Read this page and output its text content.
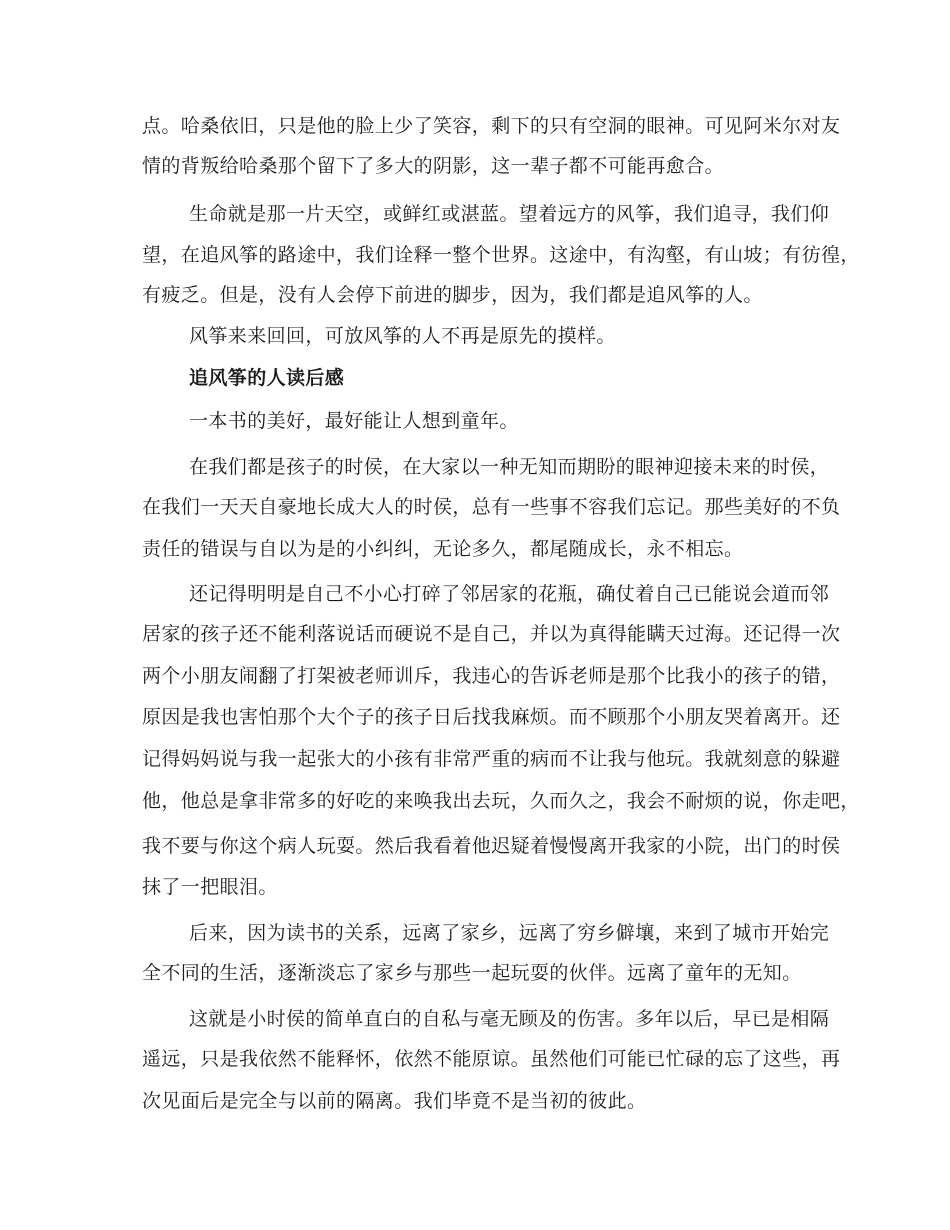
点。哈桑依旧，只是他的脸上少了笑容，剩下的只有空洞的眼神。可见阿米尔对友
情的背叛给哈桑那个留下了多大的阴影，这一辈子都不可能再愈合。
生命就是那一片天空，或鲜红或湛蓝。望着远方的风筝，我们追寻，我们仰
望，在追风筝的路途中，我们诠释一整个世界。这途中，有沟壑，有山坡；有彷徨，
有疲乏。但是，没有人会停下前进的脚步，因为，我们都是追风筝的人。
风筝来来回回，可放风筝的人不再是原先的摸样。
追风筝的人读后感
一本书的美好，最好能让人想到童年。
在我们都是孩子的时侯，在大家以一种无知而期盼的眼神迎接未来的时侯，
在我们一天天自豪地长成大人的时侯，总有一些事不容我们忘记。那些美好的不负
责任的错误与自以为是的小纠纠，无论多久，都尾随成长，永不相忘。
还记得明明是自己不小心打碎了邻居家的花瓶，确仗着自己已能说会道而邻
居家的孩子还不能利落说话而硬说不是自己，并以为真得能瞒天过海。还记得一次
两个小朋友闹翻了打架被老师训斥，我违心的告诉老师是那个比我小的孩子的错，
原因是我也害怕那个大个子的孩子日后找我麻烦。而不顾那个小朋友哭着离开。还
记得妈妈说与我一起张大的小孩有非常严重的病而不让我与他玩。我就刻意的躲避
他，他总是拿非常多的好吃的来唤我出去玩，久而久之，我会不耐烦的说，你走吧，
我不要与你这个病人玩耍。然后我看着他迟疑着慢慢离开我家的小院，出门的时侯
抹了一把眼泪。
后来，因为读书的关系，远离了家乡，远离了穷乡僻壤，来到了城市开始完
全不同的生活，逐渐淡忘了家乡与那些一起玩耍的伙伴。远离了童年的无知。
这就是小时侯的简单直白的自私与毫无顾及的伤害。多年以后，早已是相隔
遥远，只是我依然不能释怀，依然不能原谅。虽然他们可能已忙碌的忘了这些，再
次见面后是完全与以前的隔离。我们毕竟不是当初的彼此。
